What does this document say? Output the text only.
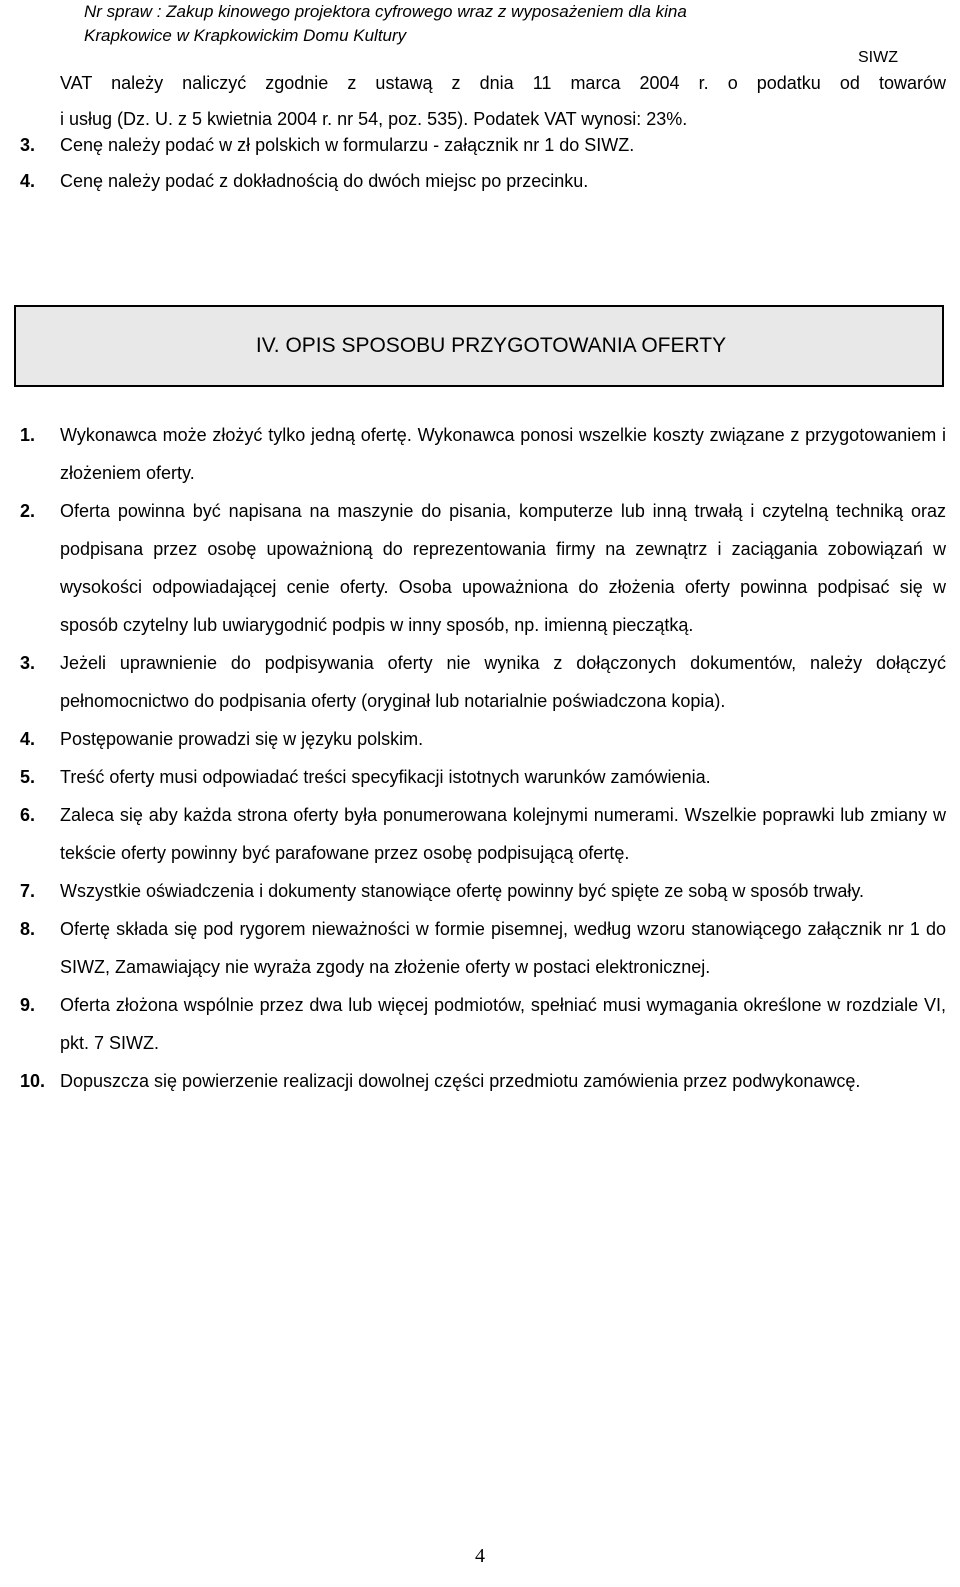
Nr spraw : Zakup kinowego projektora cyfrowego wraz z wyposażeniem dla kina
Krapkowice w Krapkowickim Domu Kultury
SIWZ
VAT należy naliczyć zgodnie z ustawą z dnia 11 marca 2004 r. o podatku od towarów
i usług (Dz. U. z 5 kwietnia 2004 r. nr 54, poz. 535). Podatek VAT wynosi: 23%.
3.	Cenę należy podać w zł polskich w formularzu - załącznik nr 1 do SIWZ.
4.	Cenę należy podać z dokładnością do dwóch miejsc po przecinku.
IV. OPIS SPOSOBU PRZYGOTOWANIA OFERTY
1.	Wykonawca może złożyć tylko jedną ofertę. Wykonawca ponosi wszelkie koszty związane z przygotowaniem i złożeniem oferty.
2.	Oferta powinna być napisana na maszynie do pisania, komputerze lub inną trwałą i czytelną techniką oraz podpisana przez osobę upoważnioną do reprezentowania firmy na zewnątrz i zaciągania zobowiązań w wysokości odpowiadającej cenie oferty. Osoba upoważniona do złożenia oferty powinna podpisać się w sposób czytelny lub uwiarygodnić podpis w inny sposób, np. imienną pieczątką.
3.	Jeżeli uprawnienie do podpisywania oferty nie wynika z dołączonych dokumentów, należy dołączyć pełnomocnictwo do podpisania oferty (oryginał lub notarialnie poświadczona kopia).
4.	Postępowanie prowadzi się w języku polskim.
5.	Treść oferty musi odpowiadać treści specyfikacji istotnych warunków zamówienia.
6.	Zaleca się aby każda strona oferty była ponumerowana kolejnymi numerami. Wszelkie poprawki lub zmiany w tekście oferty powinny być parafowane przez osobę podpisującą ofertę.
7.	Wszystkie oświadczenia i dokumenty stanowiące ofertę powinny być spięte ze sobą w sposób trwały.
8.	Ofertę składa się pod rygorem nieważności w formie pisemnej, według wzoru stanowiącego załącznik nr 1 do SIWZ, Zamawiający nie wyraża zgody na złożenie oferty w postaci elektronicznej.
9.	Oferta złożona wspólnie przez dwa lub więcej podmiotów, spełniać musi wymagania określone w rozdziale VI, pkt. 7 SIWZ.
10. Dopuszcza się powierzenie realizacji dowolnej części przedmiotu zamówienia przez podwykonawcę.
4
